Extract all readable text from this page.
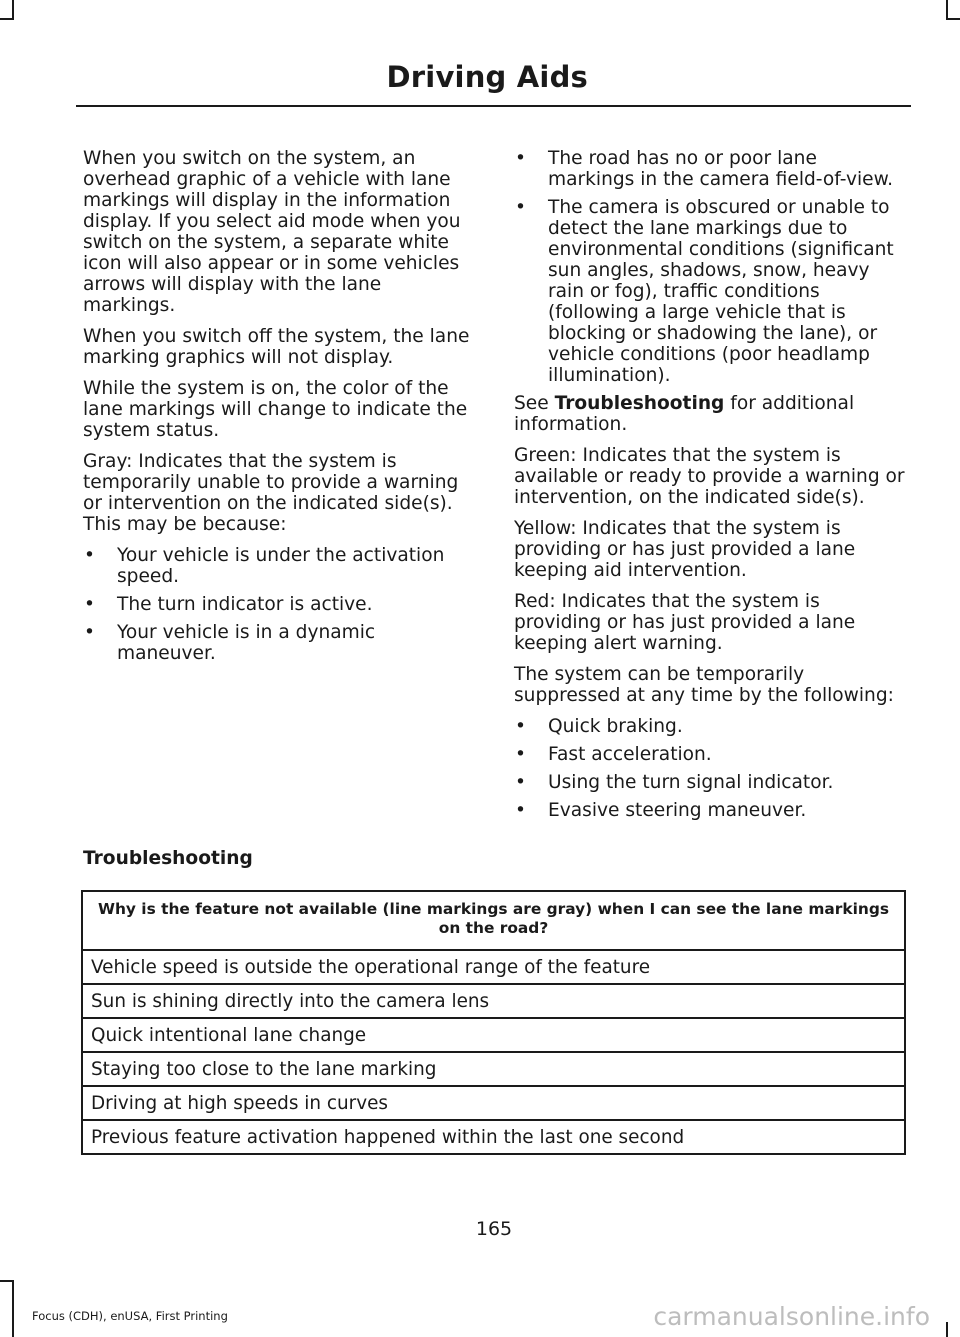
Driving Aids

When you switch on the system, an overhead graphic of a vehicle with lane markings will display in the information display. If you select aid mode when you switch on the system, a separate white icon will also appear or in some vehicles arrows will display with the lane markings.

When you switch off the system, the lane marking graphics will not display.

While the system is on, the color of the lane markings will change to indicate the system status.

Gray: Indicates that the system is temporarily unable to provide a warning or intervention on the indicated side(s). This may be because:

• Your vehicle is under the activation speed.
• The turn indicator is active.
• Your vehicle is in a dynamic maneuver.
• The road has no or poor lane markings in the camera field-of-view.
• The camera is obscured or unable to detect the lane markings due to environmental conditions (significant sun angles, shadows, snow, heavy rain or fog), traffic conditions (following a large vehicle that is blocking or shadowing the lane), or vehicle conditions (poor headlamp illumination).

See Troubleshooting for additional information.

Green: Indicates that the system is available or ready to provide a warning or intervention, on the indicated side(s).

Yellow: Indicates that the system is providing or has just provided a lane keeping aid intervention.

Red: Indicates that the system is providing or has just provided a lane keeping alert warning.

The system can be temporarily suppressed at any time by the following:

• Quick braking.
• Fast acceleration.
• Using the turn signal indicator.
• Evasive steering maneuver.
Troubleshooting
Why is the feature not available (line markings are gray) when I can see the lane markings on the road?
Vehicle speed is outside the operational range of the feature
Sun is shining directly into the camera lens
Quick intentional lane change
Staying too close to the lane marking
Driving at high speeds in curves
Previous feature activation happened within the last one second
165
Focus (CDH), enUSA, First Printing	carmanualsonline.info
